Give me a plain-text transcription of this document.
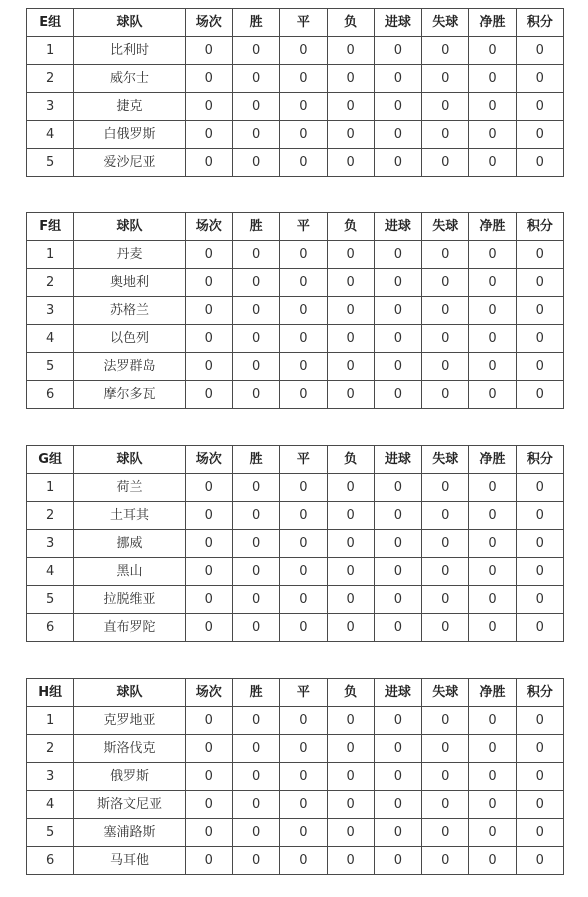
E组	球队	场次	胜	平	负	进球	失球	净胜	积分
1	比利时	0	0	0	0	0	0	0	0
2	威尔士	0	0	0	0	0	0	0	0
3	捷克	0	0	0	0	0	0	0	0
4	白俄罗斯	0	0	0	0	0	0	0	0
5	爱沙尼亚	0	0	0	0	0	0	0	0
F组	球队	场次	胜	平	负	进球	失球	净胜	积分
1	丹麦	0	0	0	0	0	0	0	0
2	奥地利	0	0	0	0	0	0	0	0
3	苏格兰	0	0	0	0	0	0	0	0
4	以色列	0	0	0	0	0	0	0	0
5	法罗群岛	0	0	0	0	0	0	0	0
6	摩尔多瓦	0	0	0	0	0	0	0	0
G组	球队	场次	胜	平	负	进球	失球	净胜	积分
1	荷兰	0	0	0	0	0	0	0	0
2	土耳其	0	0	0	0	0	0	0	0
3	挪威	0	0	0	0	0	0	0	0
4	黑山	0	0	0	0	0	0	0	0
5	拉脱维亚	0	0	0	0	0	0	0	0
6	直布罗陀	0	0	0	0	0	0	0	0
H组	球队	场次	胜	平	负	进球	失球	净胜	积分
1	克罗地亚	0	0	0	0	0	0	0	0
2	斯洛伐克	0	0	0	0	0	0	0	0
3	俄罗斯	0	0	0	0	0	0	0	0
4	斯洛文尼亚	0	0	0	0	0	0	0	0
5	塞浦路斯	0	0	0	0	0	0	0	0
6	马耳他	0	0	0	0	0	0	0	0
